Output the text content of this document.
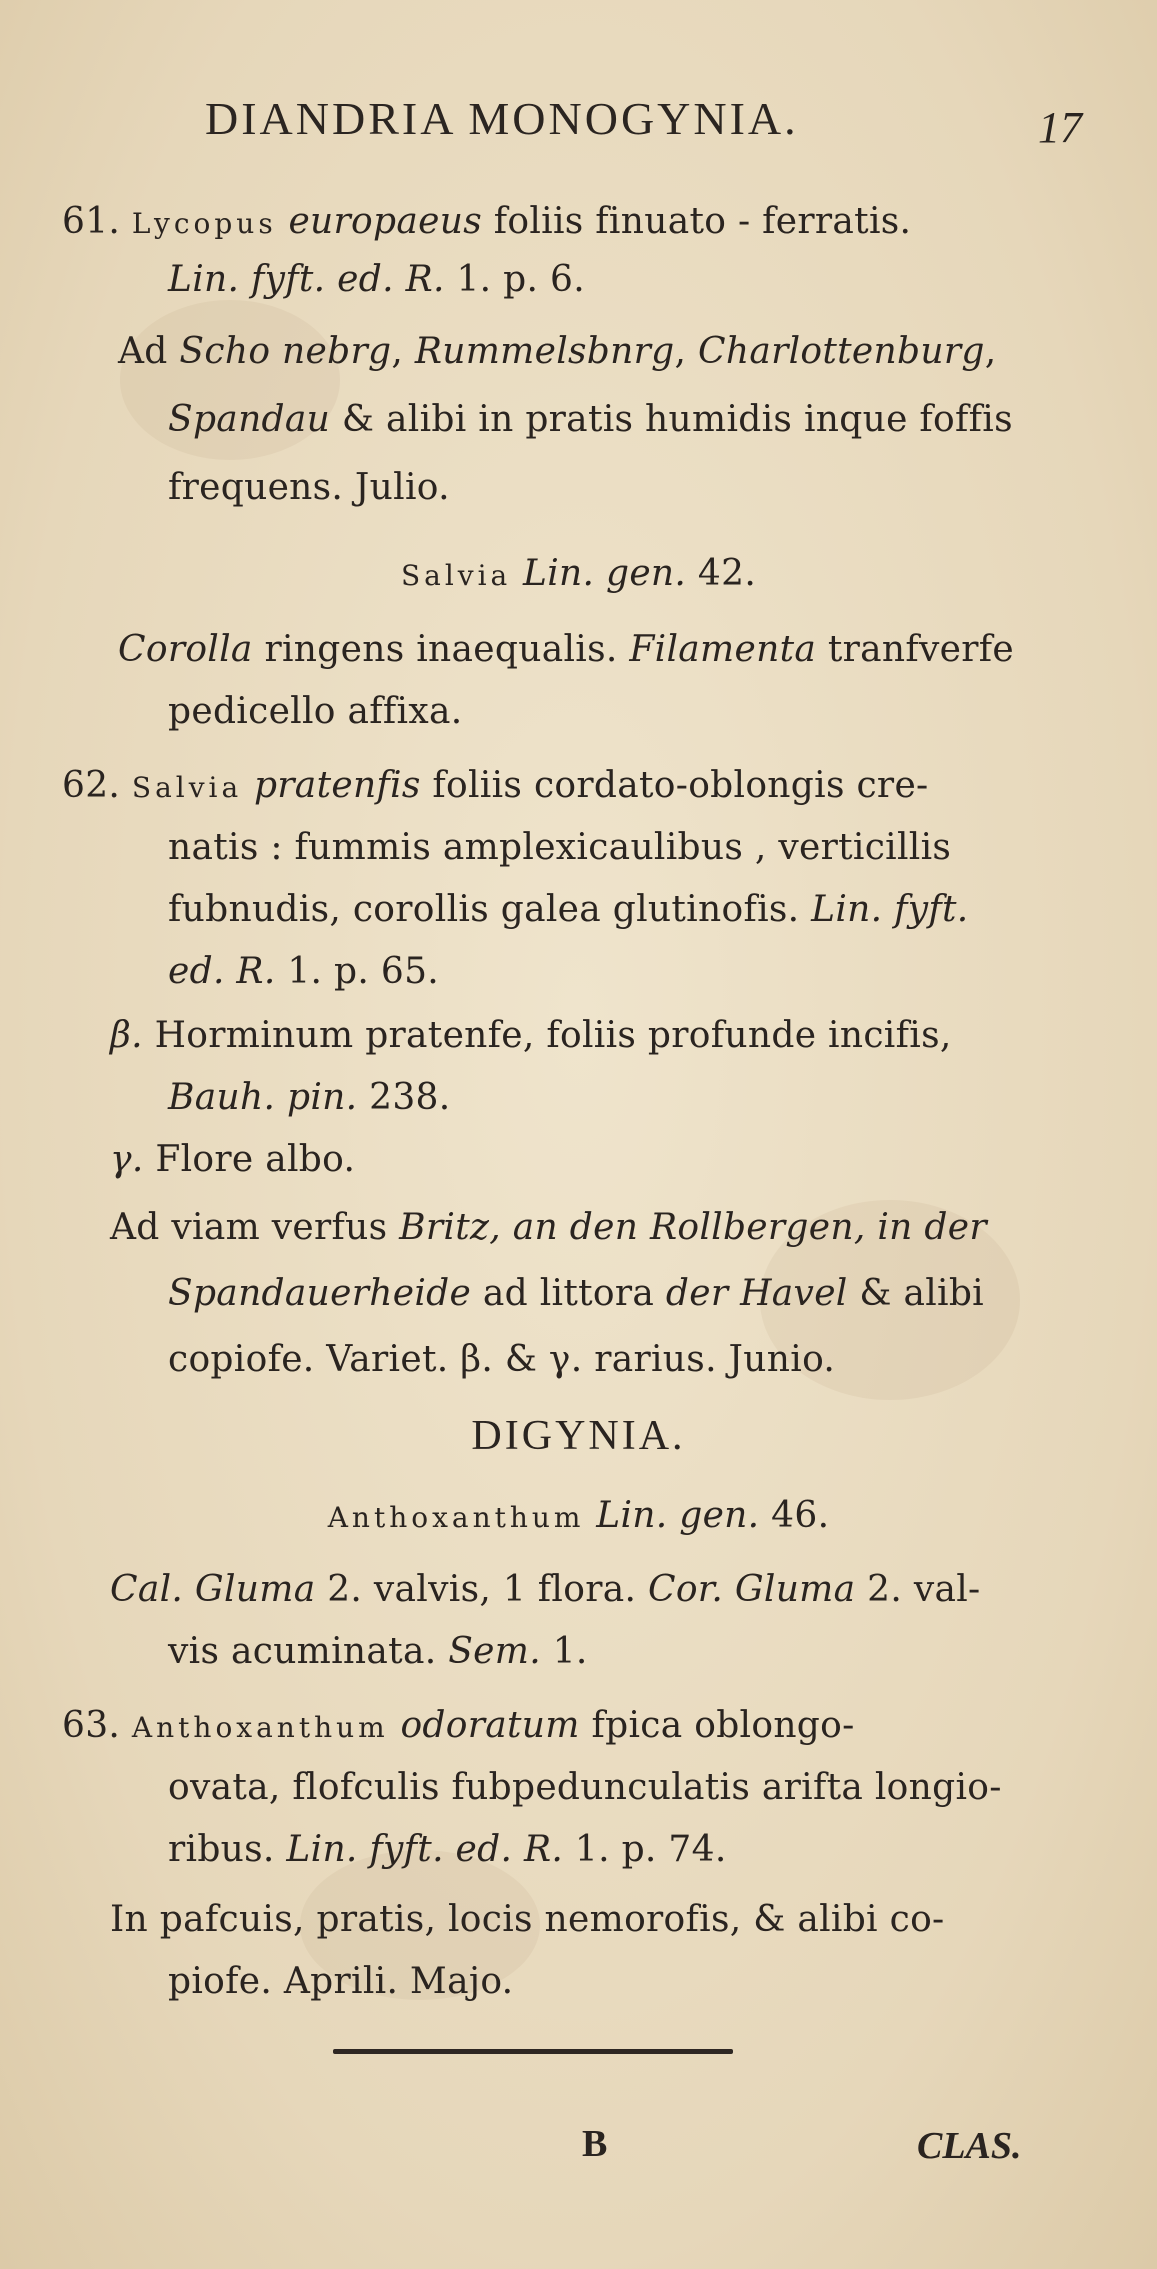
DIANDRIA MONOGYNIA.	17
61. Lycopus europaeus foliis finuato - ferratis.
Lin. fyft. ed. R. 1. p. 6.
Ad Scho nebrg, Rummelsbnrg, Charlottenburg,
Spandau & alibi in pratis humidis inque foffis
frequens. Julio.
Salvia Lin. gen. 42.
Corolla ringens inaequalis. Filamenta tranfverfe
pedicello affixa.
62. Salvia pratenfis foliis cordato-oblongis cre-
natis : fummis amplexicaulibus , verticillis
fubnudis, corollis galea glutinofis. Lin. fyft.
ed. R. 1. p. 65.
β. Horminum pratenfe, foliis profunde incifis,
Bauh. pin. 238.
γ. Flore albo.
Ad viam verfus Britz, an den Rollbergen, in der
Spandauerheide ad littora der Havel & alibi
copiofe. Variet. β. & γ. rarius. Junio.
DIGYNIA.
Anthoxanthum Lin. gen. 46.
Cal. Gluma 2. valvis, 1 flora. Cor. Gluma 2. val-
vis acuminata. Sem. 1.
63. Anthoxanthum odoratum fpica oblongo-
ovata, flofculis fubpedunculatis arifta longio-
ribus. Lin. fyft. ed. R. 1. p. 74.
In pafcuis, pratis, locis nemorofis, & alibi co-
piofe. Aprili. Majo.
B	CLAS.
